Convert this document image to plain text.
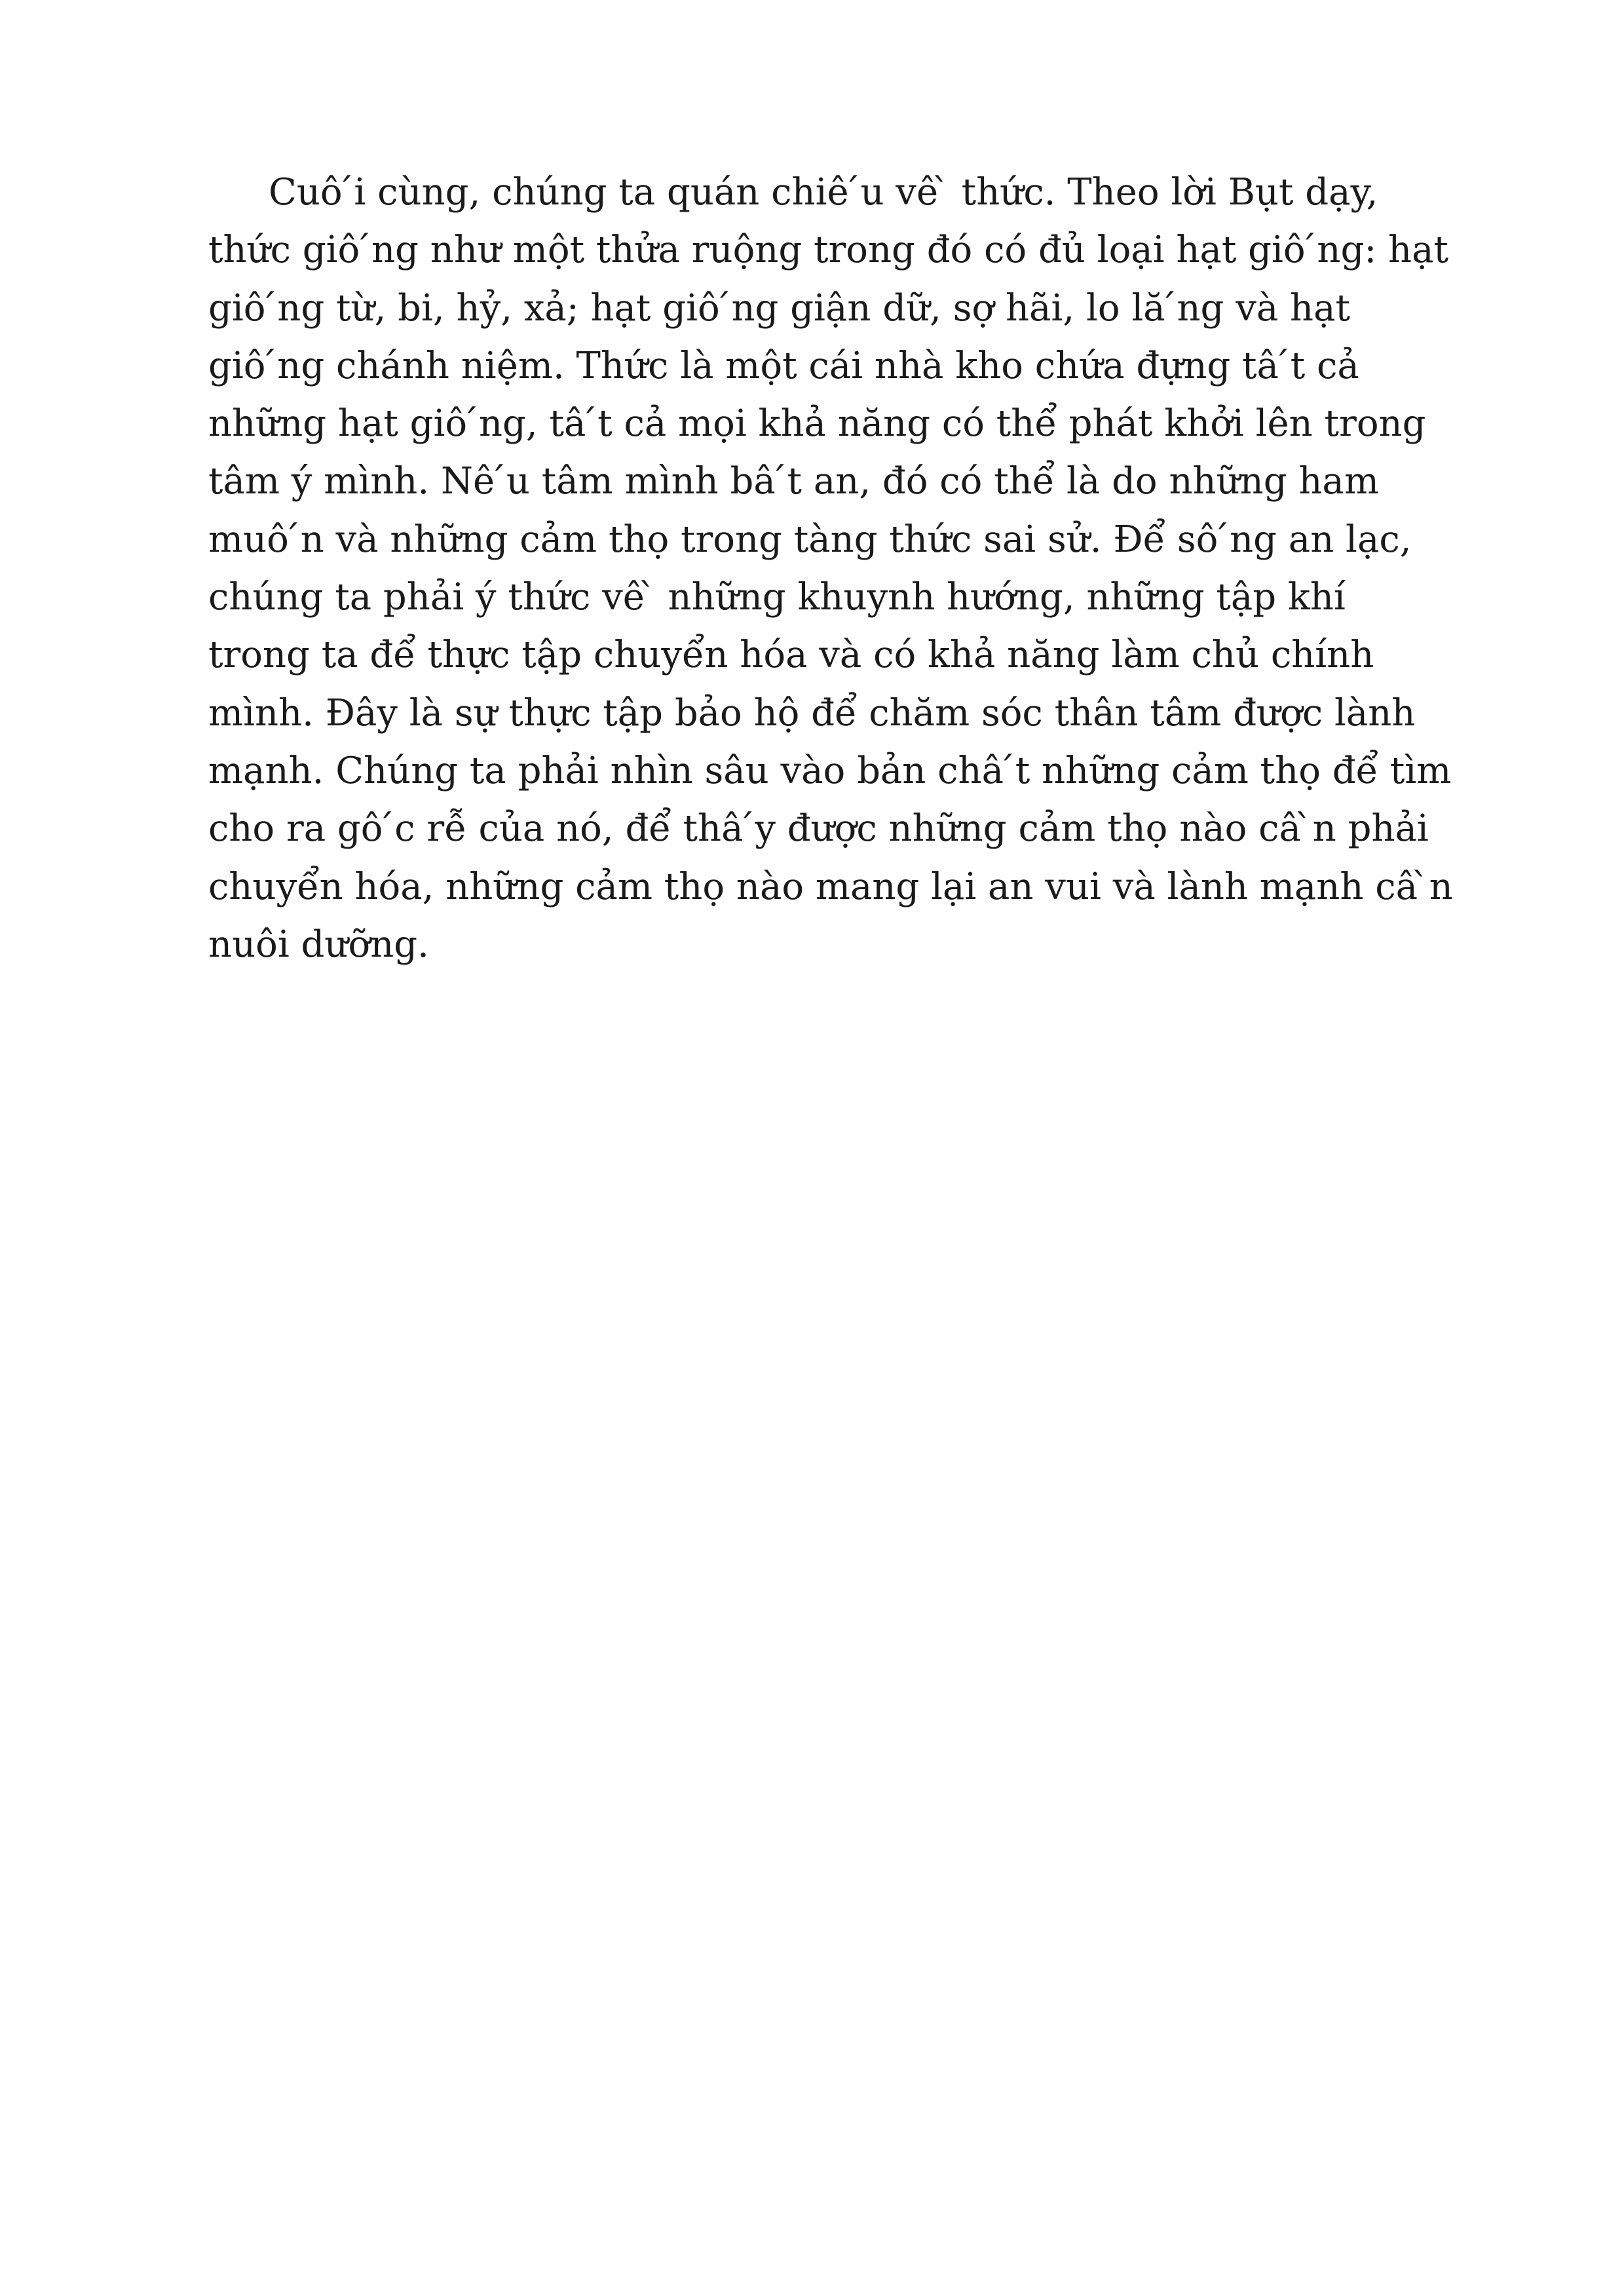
Cuô ́i cùng, chúng ta quán chiê ́u vê ̀ thức. Theo lời Bụt dạy,
thức giô ́ng như một thửa ruộng trong đó có đủ loại hạt giô ́ng: hạt
giô ́ng từ, bi, hỷ, xả; hạt giô ́ng giận dữ, sợ hãi, lo lă ́ng và hạt
giô ́ng chánh niệm. Thức là một cái nhà kho chứa đựng tâ ́t cả
những hạt giô ́ng, tâ ́t cả mọi khả năng có thể phát khởi lên trong
tâm ý mình. Nê ́u tâm mình bâ ́t an, đó có thể là do những ham
muô ́n và những cảm thọ trong tàng thức sai sử. Để sô ́ng an lạc,
chúng ta phải ý thức vê ̀ những khuynh hướng, những tập khí
trong ta để thực tập chuyển hóa và có khả năng làm chủ chính
mình. Đây là sự thực tập bảo hộ để chăm sóc thân tâm được lành
mạnh. Chúng ta phải nhìn sâu vào bản châ ́t những cảm thọ để tìm
cho ra gô ́c rễ của nó, để thâ ́y được những cảm thọ nào câ ̀n phải
chuyển hóa, những cảm thọ nào mang lại an vui và lành mạnh câ ̀n
nuôi dưỡng.
